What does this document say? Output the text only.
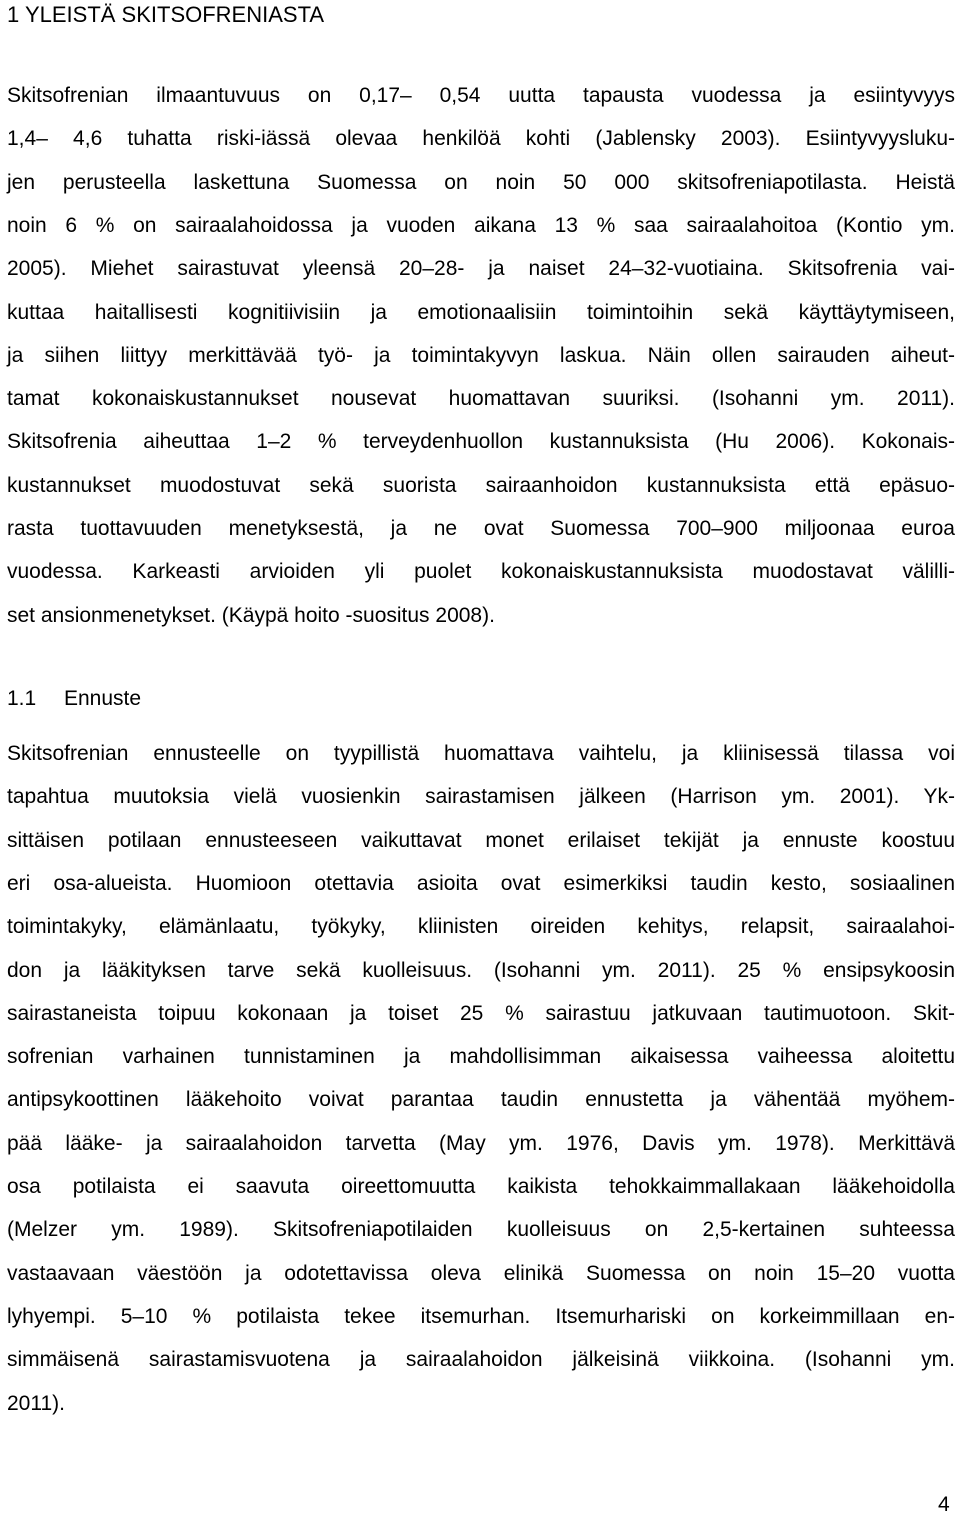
1 YLEISTÄ SKITSOFRENIASTA
Skitsofrenian ilmaantuvuus on 0,17– 0,54 uutta tapausta vuodessa ja esiintyvyys
1,4– 4,6 tuhatta riski-iässä olevaa henkilöä kohti (Jablensky 2003). Esiintyvyysluku-
jen perusteella laskettuna Suomessa on noin 50 000 skitsofreniapotilasta. Heistä
noin 6 % on sairaalahoidossa ja vuoden aikana 13 % saa sairaalahoitoa (Kontio ym.
2005). Miehet sairastuvat yleensä 20–28- ja naiset 24–32-vuotiaina. Skitsofrenia vai-
kuttaa haitallisesti kognitiivisiin ja emotionaalisiin toimintoihin sekä käyttäytymiseen,
ja siihen liittyy merkittävää työ- ja toimintakyvyn laskua. Näin ollen sairauden aiheut-
tamat kokonaiskustannukset nousevat huomattavan suuriksi. (Isohanni ym. 2011).
Skitsofrenia aiheuttaa 1–2 % terveydenhuollon kustannuksista (Hu 2006). Kokonais-
kustannukset muodostuvat sekä suorista sairaanhoidon kustannuksista että epäsuo-
rasta tuottavuuden menetyksestä, ja ne ovat Suomessa 700–900 miljoonaa euroa
vuodessa. Karkeasti arvioiden yli puolet kokonaiskustannuksista muodostavat välilli-
set ansionmenetykset. (Käypä hoito -suositus 2008).
1.1 Ennuste
Skitsofrenian ennusteelle on tyypillistä huomattava vaihtelu, ja kliinisessä tilassa voi
tapahtua muutoksia vielä vuosienkin sairastamisen jälkeen (Harrison ym. 2001). Yk-
sittäisen potilaan ennusteeseen vaikuttavat monet erilaiset tekijät ja ennuste koostuu
eri osa-alueista. Huomioon otettavia asioita ovat esimerkiksi taudin kesto, sosiaalinen
toimintakyky, elämänlaatu, työkyky, kliinisten oireiden kehitys, relapsit, sairaalahoi-
don ja lääkityksen tarve sekä kuolleisuus. (Isohanni ym. 2011). 25 % ensipsykoosin
sairastaneista toipuu kokonaan ja toiset 25 % sairastuu jatkuvaan tautimuotoon. Skit-
sofrenian varhainen tunnistaminen ja mahdollisimman aikaisessa vaiheessa aloitettu
antipsykoottinen lääkehoito voivat parantaa taudin ennustetta ja vähentää myöhem-
pää lääke- ja sairaalahoidon tarvetta (May ym. 1976, Davis ym. 1978). Merkittävä
osa potilaista ei saavuta oireettomuutta kaikista tehokkaimmallakaan lääkehoidolla
(Melzer ym. 1989). Skitsofreniapotilaiden kuolleisuus on 2,5-kertainen suhteessa
vastaavaan väestöön ja odotettavissa oleva elinikä Suomessa on noin 15–20 vuotta
lyhyempi. 5–10 % potilaista tekee itsemurhan. Itsemurhariski on korkeimmillaan en-
simmäisenä sairastamisvuotena ja sairaalahoidon jälkeisinä viikkoina. (Isohanni ym.
2011).
4
